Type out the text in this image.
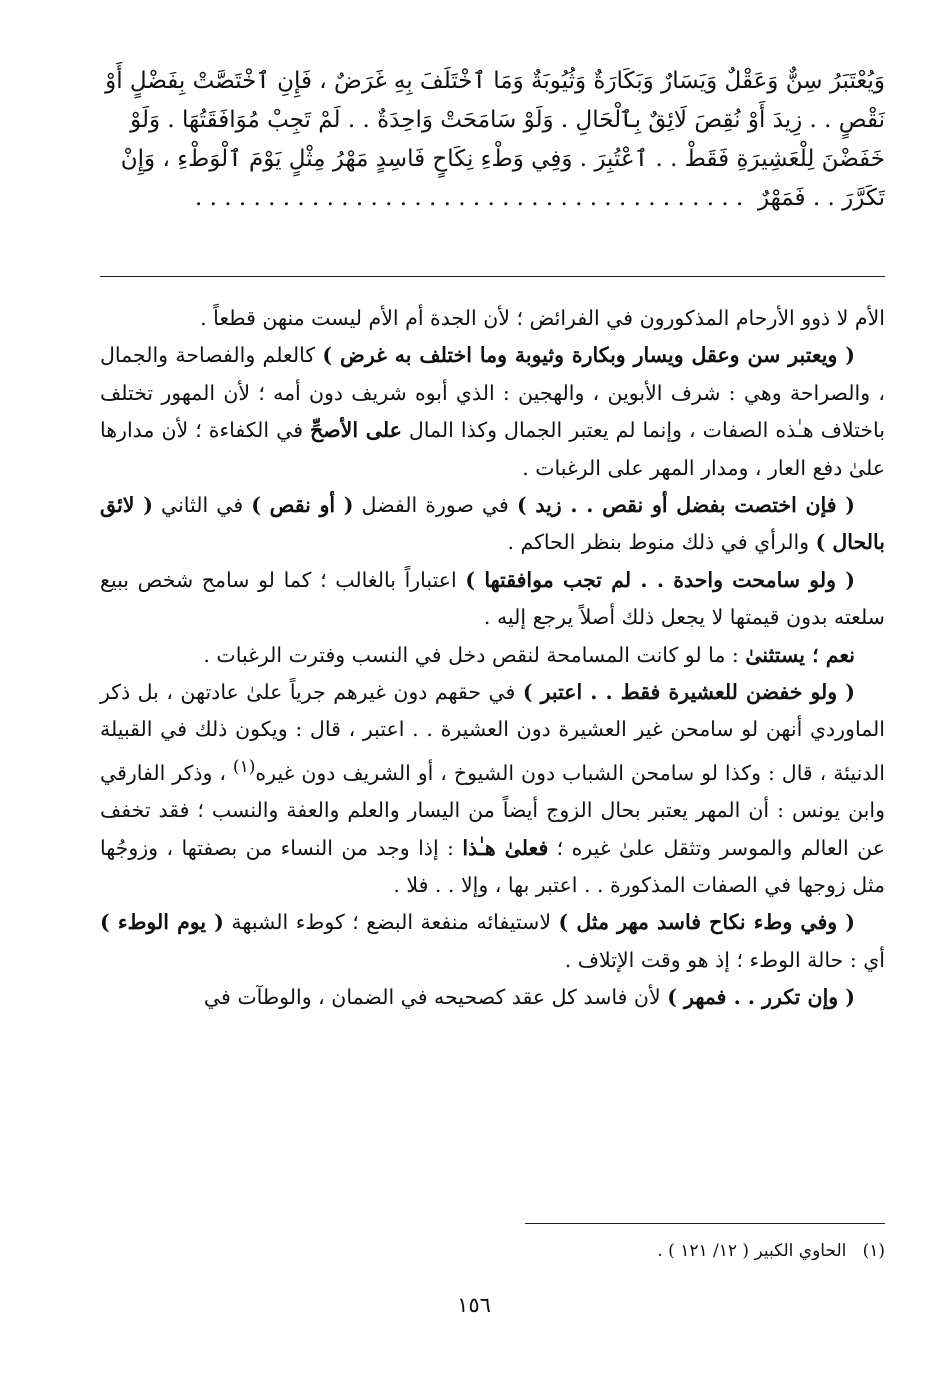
وَيُعْتَبَرُ سِنٌّ وَعَقْلٌ وَيَسَارٌ وَبَكَارَةٌ وَثُيُوبَةٌ وَمَا ٱخْتَلَفَ بِهِ غَرَضٌ ، فَإِنِ ٱخْتَصَّتْ بِفَضْلٍ أَوْ
نَقْصٍ . . زِيدَ أَوْ نُقِصَ لَائِقٌ بِٱلْحَالِ . وَلَوْ سَامَحَتْ وَاحِدَةٌ . . لَمْ تَجِبْ مُوَافَقَتُهَا . وَلَوْ
خَفَضْنَ لِلْعَشِيرَةِ فَقَطْ . . ٱعْتُبِرَ . وَفِي وَطْءِ نِكَاحٍ فَاسِدٍ مَهْرُ مِثْلٍ يَوْمَ ٱلْوَطْءِ ، وَإِنْ
تَكَرَّرَ . . فَمَهْرٌ  . . . . . . . . . . . . . . . . . . . . . . . . . . . . . . . . . . . . . .

الأم لا ذوو الأرحام المذكورون في الفرائض ؛ لأن الجدة أم الأم ليست منهن قطعاً .

( ويعتبر سن وعقل ويسار وبكارة وثيوبة وما اختلف به غرض ) كالعلم والفصاحة والجمال ، والصراحة وهي : شرف الأبوين ، والهجين : الذي أبوه شريف دون أمه ؛ لأن المهور تختلف باختلاف هـٰذه الصفات ، وإنما لم يعتبر الجمال وكذا المال على الأصحِّ في الكفاءة ؛ لأن مدارها علىٰ دفع العار ، ومدار المهر على الرغبات .

( فإن اختصت بفضل أو نقص . . زيد ) في صورة الفضل ( أو نقص ) في الثاني ( لائق بالحال ) والرأي في ذلك منوط بنظر الحاكم .

( ولو سامحت واحدة . . لم تجب موافقتها ) اعتباراً بالغالب ؛ كما لو سامح شخص ببيع سلعته بدون قيمتها لا يجعل ذلك أصلاً يرجع إليه .

نعم ؛ يستثنىٰ : ما لو كانت المسامحة لنقص دخل في النسب وفترت الرغبات .

( ولو خفضن للعشيرة فقط . . اعتبر ) في حقهم دون غيرهم جرياً علىٰ عادتهن ، بل ذكر الماوردي أنهن لو سامحن غير العشيرة دون العشيرة . . اعتبر ، قال : ويكون ذلك في القبيلة الدنيئة ، قال : وكذا لو سامحن الشباب دون الشيوخ ، أو الشريف دون غيره$^{(١)}$ ، وذكر الفارقي وابن يونس : أن المهر يعتبر بحال الزوج أيضاً من اليسار والعلم والعفة والنسب ؛ فقد تخفف عن العالم والموسر وتثقل علىٰ غيره ؛ فعلىٰ هـٰذا : إذا وجد من النساء من بصفتها ، وزوجُها مثل زوجها في الصفات المذكورة . . اعتبر بها ، وإلا . . فلا .

( وفي وطء نكاح فاسد مهر مثل ) لاستيفائه منفعة البضع ؛ كوطء الشبهة ( يوم الوطء ) أي : حالة الوطء ؛ إذ هو وقت الإتلاف .

( وإن تكرر . . فمهر ) لأن فاسد كل عقد كصحيحه في الضمان ، والوطآت في

(١)   الحاوي الكبير ( ١٢/ ١٢١ ) .
١٥٦
